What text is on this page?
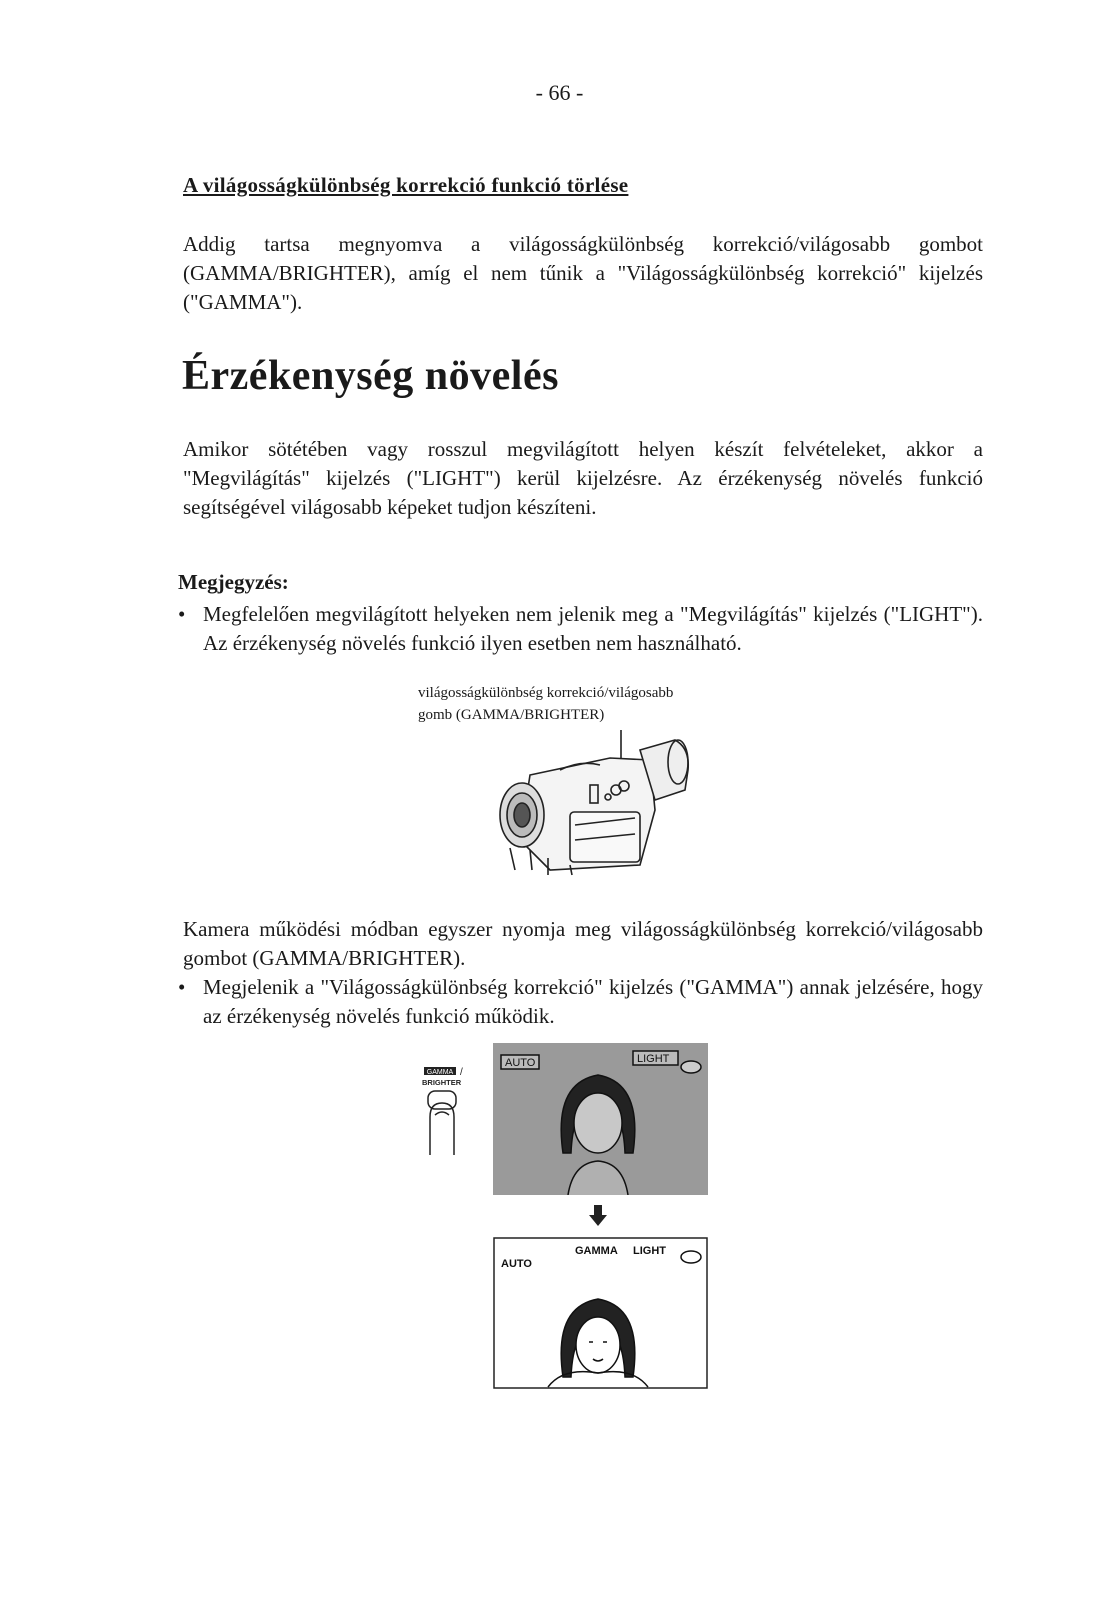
- 66 -
A világosságkülönbség korrekció funkció törlése
Addig tartsa megnyomva a világosságkülönbség korrekció/világosabb gombot (GAMMA/BRIGHTER), amíg el nem tűnik a "Világosságkülönbség korrekció" kijelzés ("GAMMA").
Érzékenység növelés
Amikor sötétében vagy rosszul megvilágított helyen készít felvételeket, akkor a "Megvilágítás" kijelzés ("LIGHT") kerül kijelzésre. Az érzékenység növelés funkció segítségével világosabb képeket tudjon készíteni.
Megjegyzés:
• Megfelelően megvilágított helyeken nem jelenik meg a "Megvilágítás" kijelzés ("LIGHT"). Az érzékenység növelés funkció ilyen esetben nem használható.
világosságkülönbség korrekció/világosabb
gomb (GAMMA/BRIGHTER)
Kamera működési módban egyszer nyomja meg világosságkülönbség korrekció/világosabb gombot (GAMMA/BRIGHTER).
• Megjelenik a "Világosságkülönbség korrekció" kijelzés ("GAMMA") annak jelzésére, hogy az érzékenység növelés funkció működik.
GAMMA /
BRIGHTER
AUTO	LIGHT
AUTO
GAMMA LIGHT
